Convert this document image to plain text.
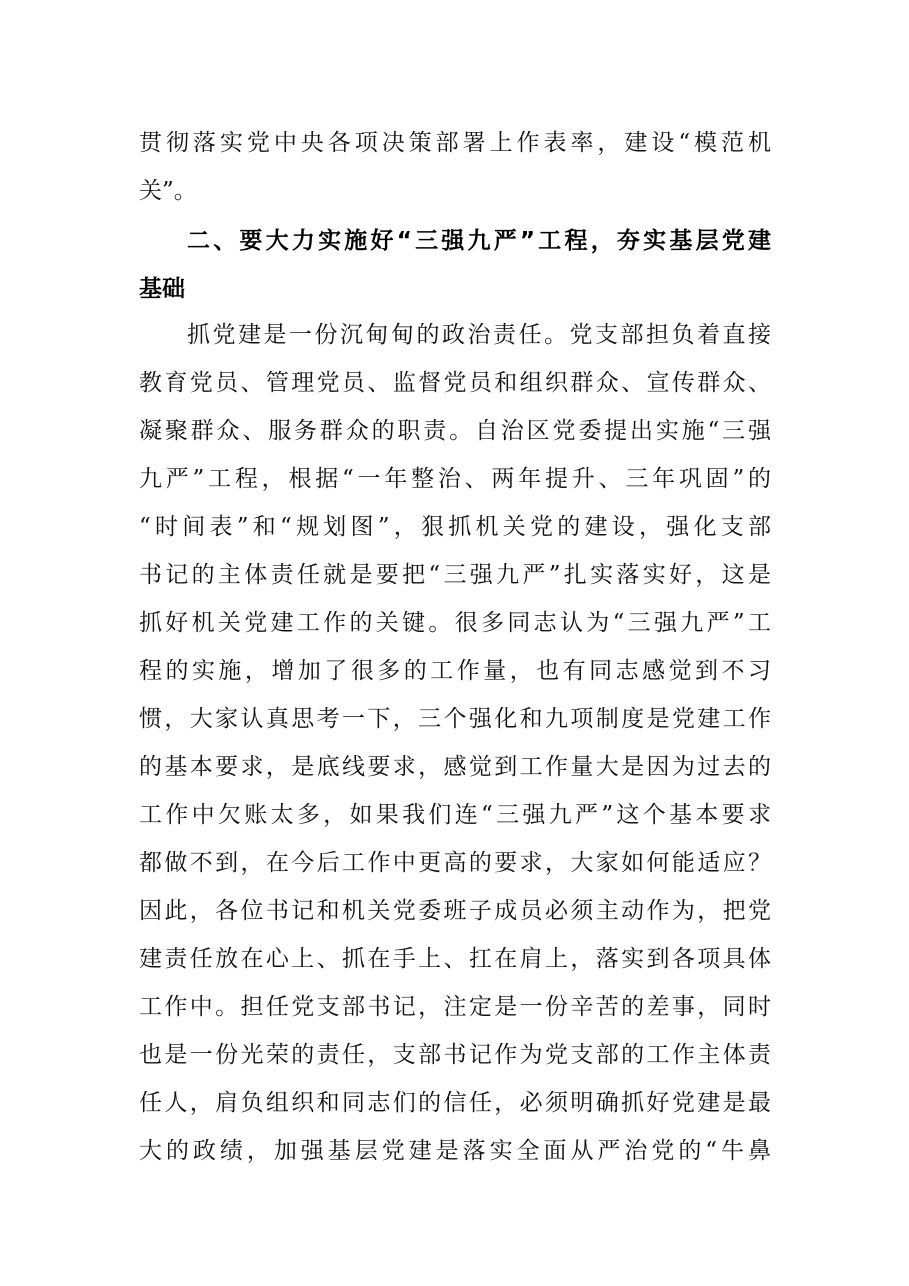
贯彻落实党中央各项决策部署上作表率，建设“模范机
关”。
二、要大力实施好“三强九严”工程，夯实基层党建
基础
抓党建是一份沉甸甸的政治责任。党支部担负着直接
教育党员、管理党员、监督党员和组织群众、宣传群众、
凝聚群众、服务群众的职责。自治区党委提出实施“三强
九严”工程，根据“一年整治、两年提升、三年巩固”的
“时间表”和“规划图”，狠抓机关党的建设，强化支部
书记的主体责任就是要把“三强九严”扎实落实好，这是
抓好机关党建工作的关键。很多同志认为“三强九严”工
程的实施，增加了很多的工作量，也有同志感觉到不习
惯，大家认真思考一下，三个强化和九项制度是党建工作
的基本要求，是底线要求，感觉到工作量大是因为过去的
工作中欠账太多，如果我们连“三强九严”这个基本要求
都做不到，在今后工作中更高的要求，大家如何能适应？
因此，各位书记和机关党委班子成员必须主动作为，把党
建责任放在心上、抓在手上、扛在肩上，落实到各项具体
工作中。担任党支部书记，注定是一份辛苦的差事，同时
也是一份光荣的责任，支部书记作为党支部的工作主体责
任人，肩负组织和同志们的信任，必须明确抓好党建是最
大的政绩，加强基层党建是落实全面从严治党的“牛鼻
